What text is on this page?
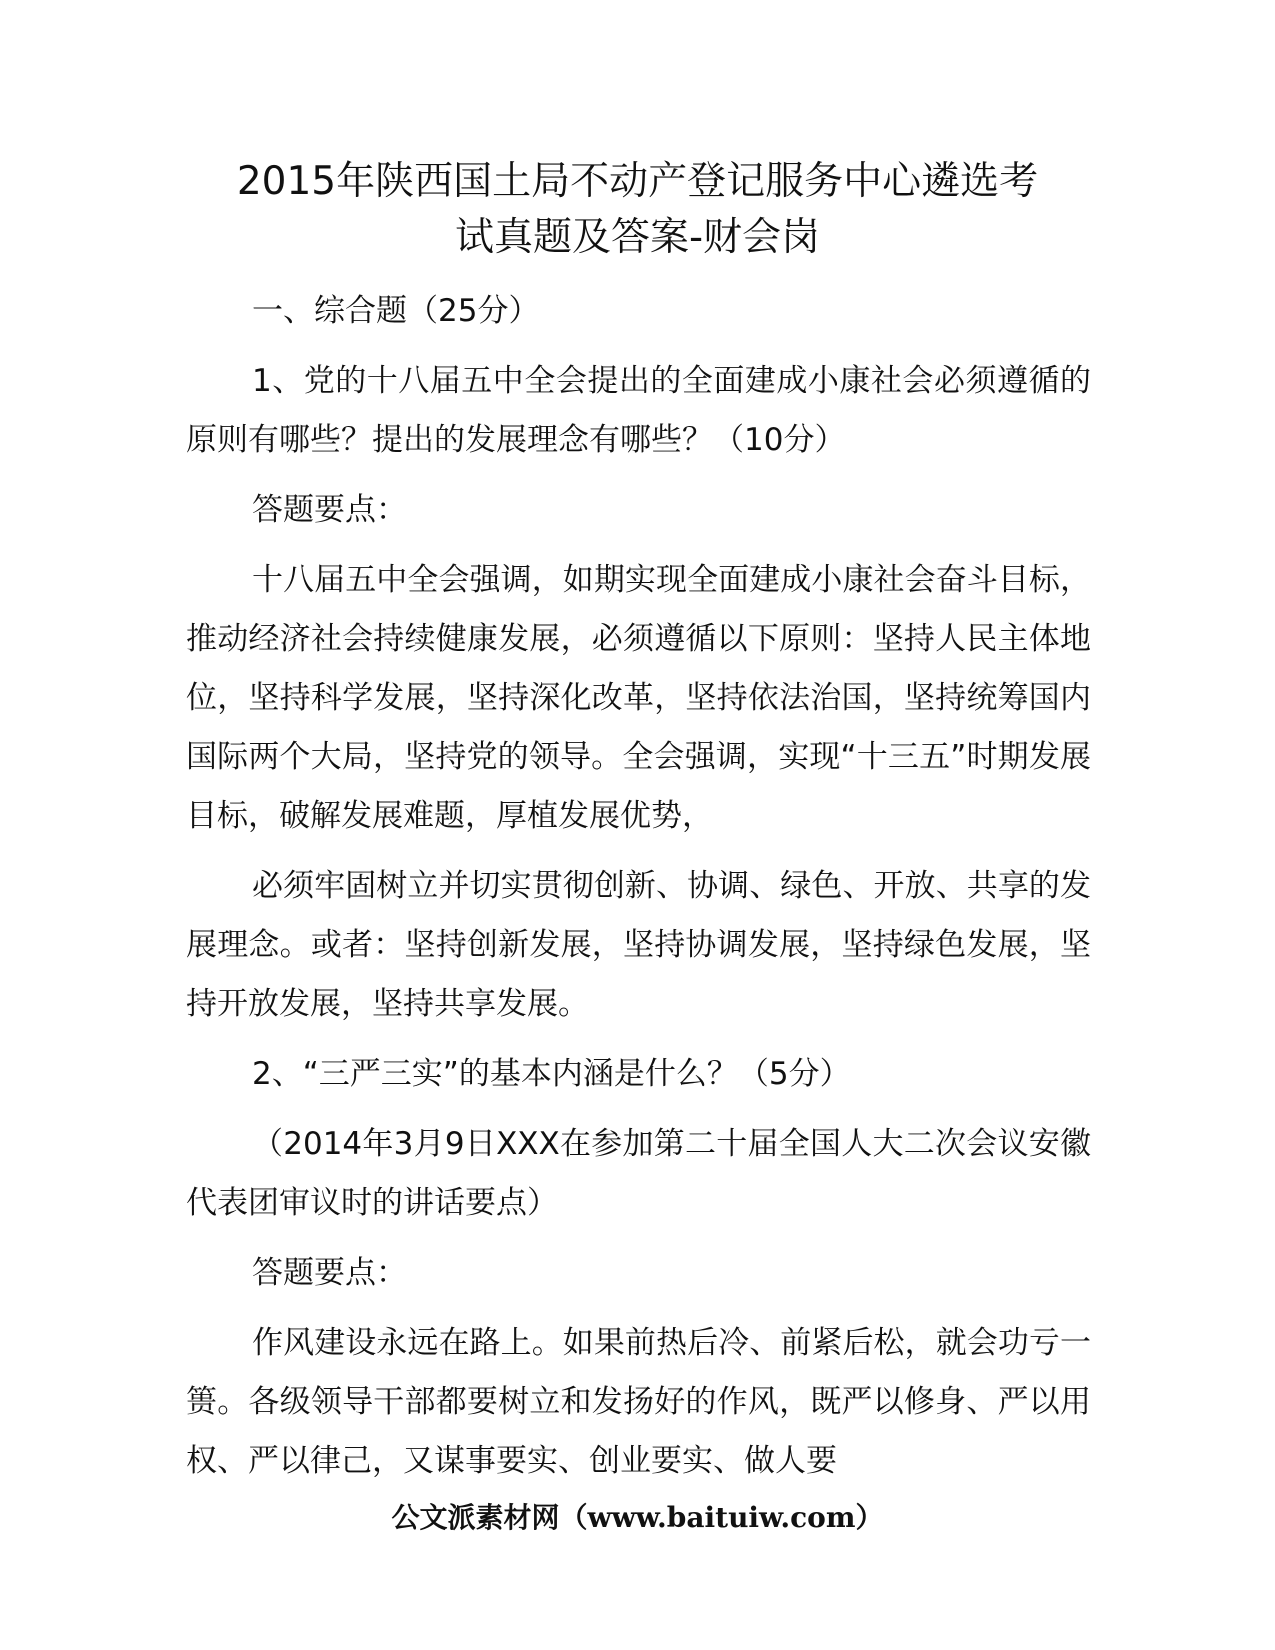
2015年陕西国土局不动产登记服务中心遴选考
试真题及答案-财会岗

一、综合题（25分）

1、党的十八届五中全会提出的全面建成小康社会必须遵循的原则有哪些？提出的发展理念有哪些？（10分）

答题要点：

十八届五中全会强调，如期实现全面建成小康社会奋斗目标，推动经济社会持续健康发展，必须遵循以下原则：坚持人民主体地位，坚持科学发展，坚持深化改革，坚持依法治国，坚持统筹国内国际两个大局，坚持党的领导。全会强调，实现“十三五”时期发展目标，破解发展难题，厚植发展优势，

必须牢固树立并切实贯彻创新、协调、绿色、开放、共享的发展理念。或者：坚持创新发展，坚持协调发展，坚持绿色发展，坚持开放发展，坚持共享发展。

2、“三严三实”的基本内涵是什么？（5分）

（2014年3月9日XXX在参加第二十届全国人大二次会议安徽代表团审议时的讲话要点）

答题要点：

作风建设永远在路上。如果前热后冷、前紧后松，就会功亏一篑。各级领导干部都要树立和发扬好的作风，既严以修身、严以用权、严以律己，又谋事要实、创业要实、做人要

公文派素材网（www.baituiw.com）
